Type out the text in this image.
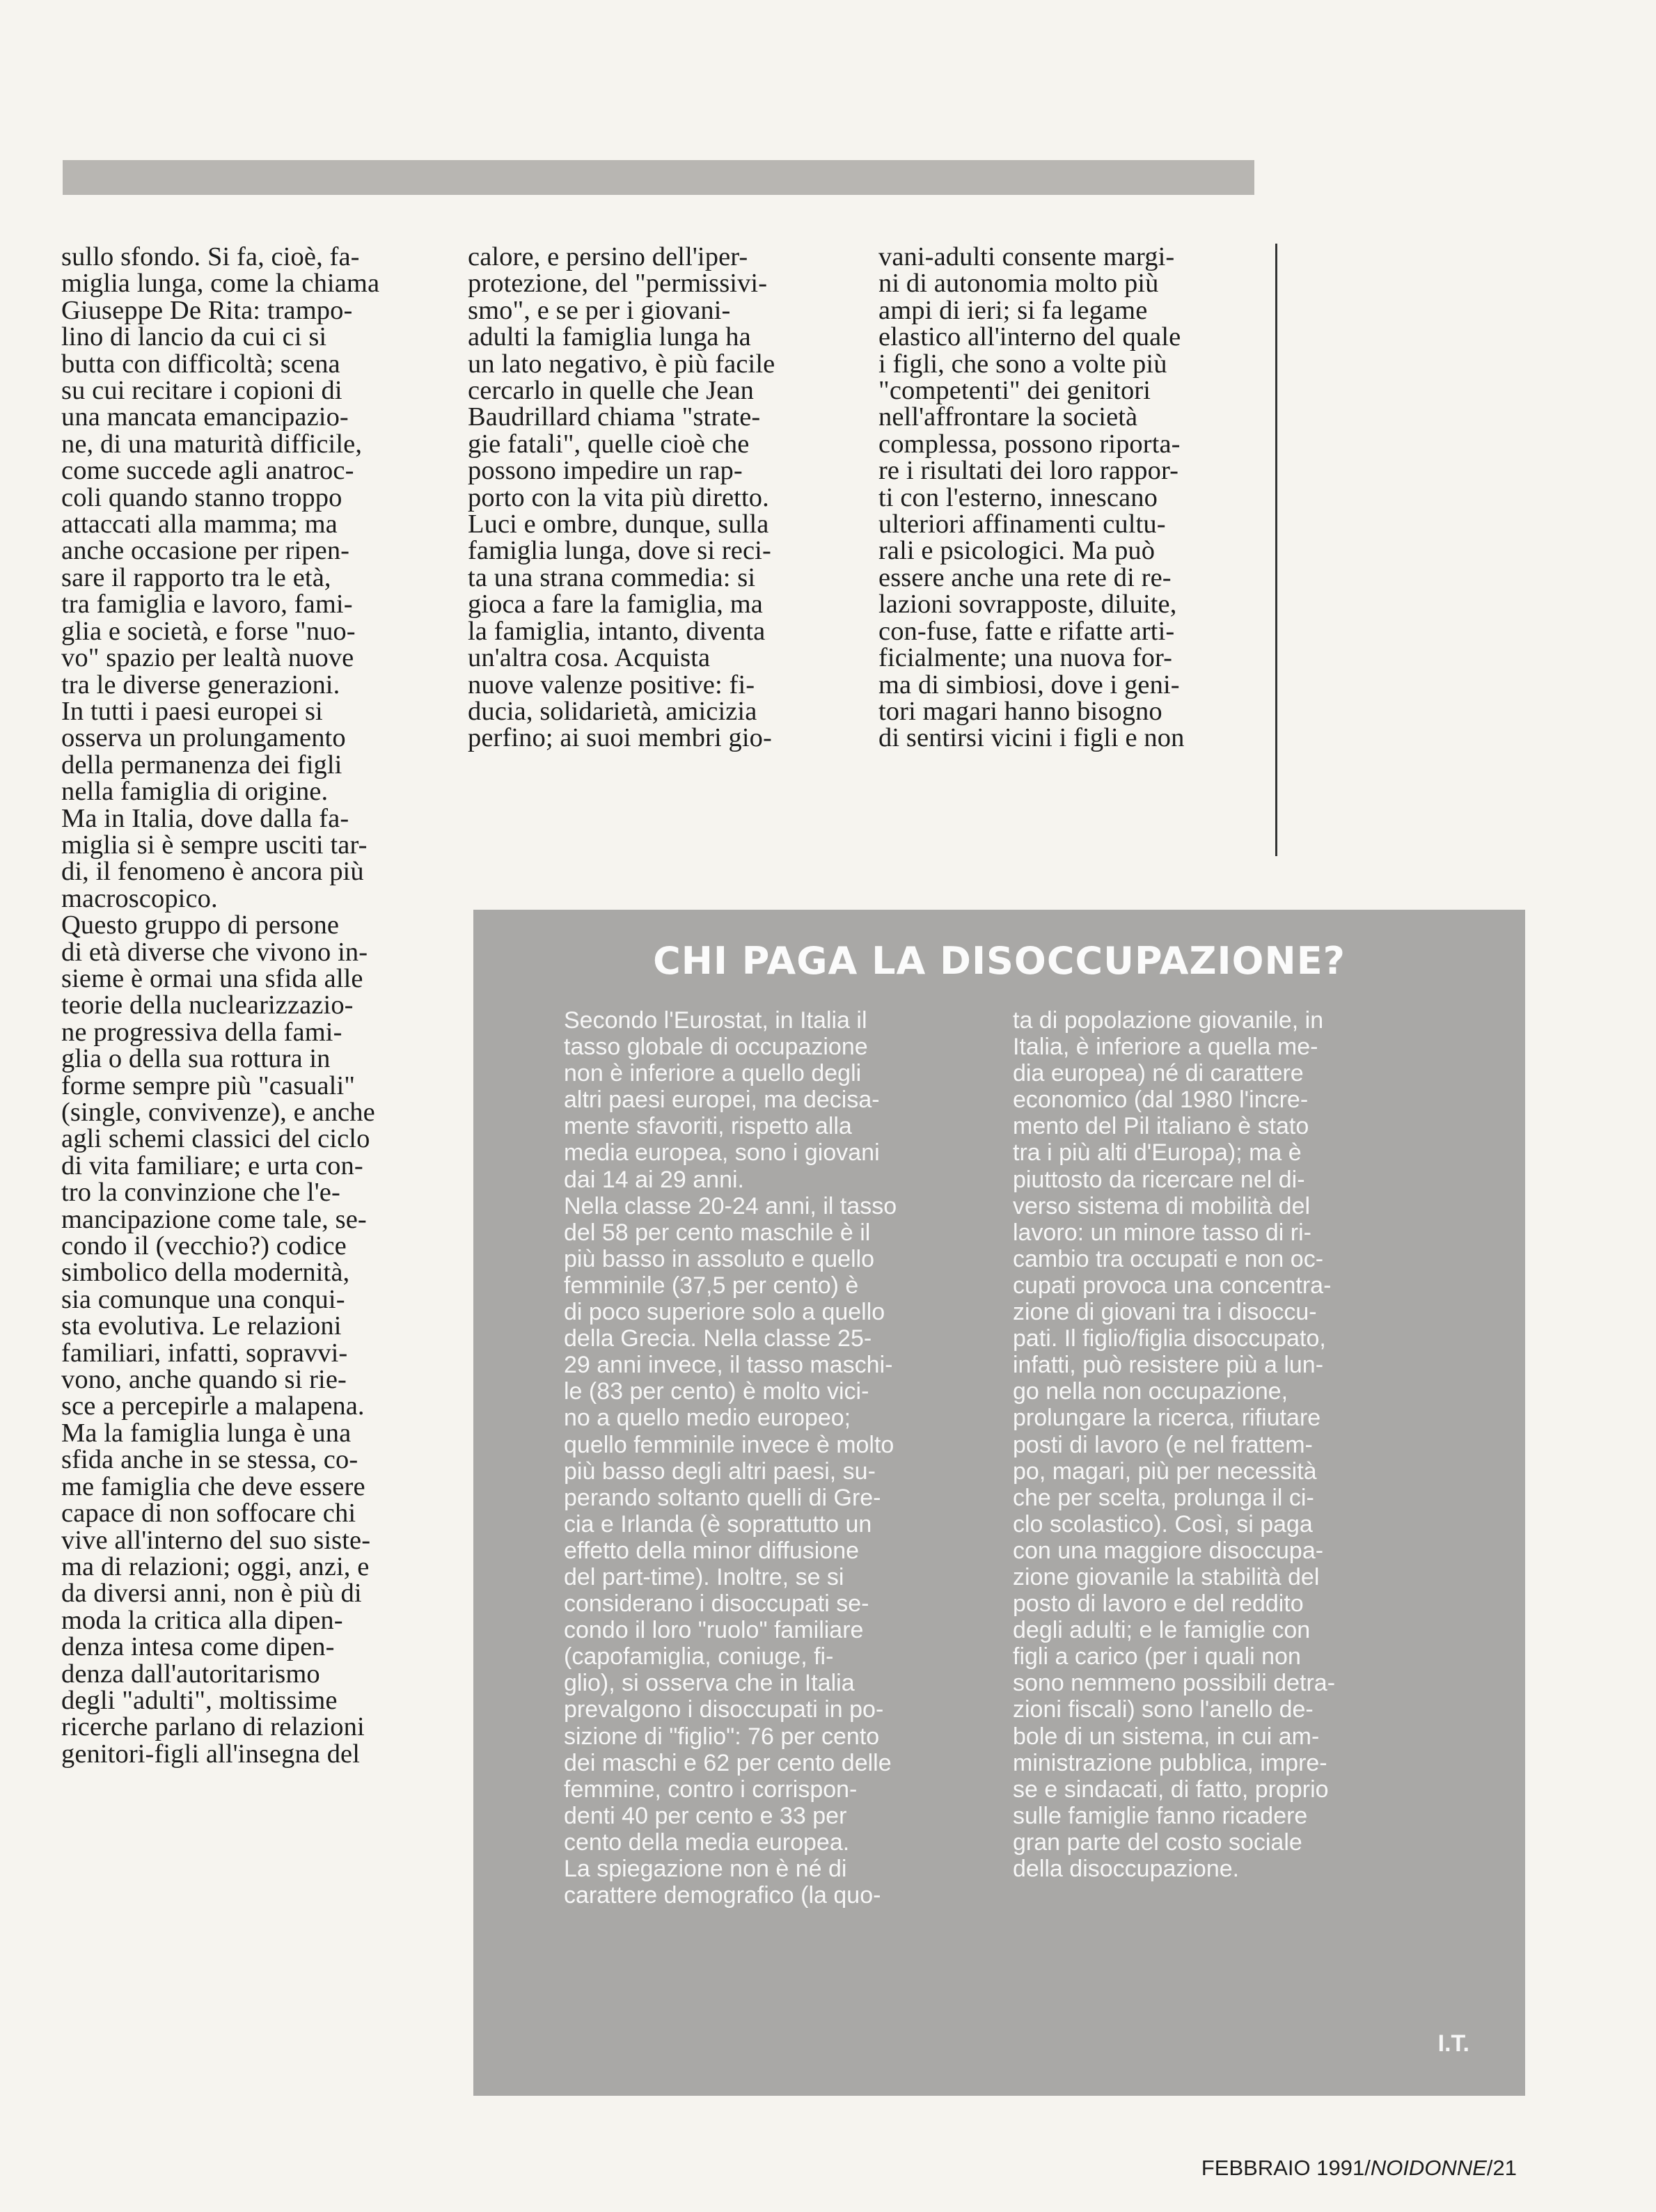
sullo sfondo. Si fa, cioè, fa-
miglia lunga, come la chiama
Giuseppe De Rita: trampo-
lino di lancio da cui ci si
butta con difficoltà; scena
su cui recitare i copioni di
una mancata emancipazio-
ne, di una maturità difficile,
come succede agli anatroc-
coli quando stanno troppo
attaccati alla mamma; ma
anche occasione per ripen-
sare il rapporto tra le età,
tra famiglia e lavoro, fami-
glia e società, e forse "nuo-
vo" spazio per lealtà nuove
tra le diverse generazioni.
In tutti i paesi europei si
osserva un prolungamento
della permanenza dei figli
nella famiglia di origine.
Ma in Italia, dove dalla fa-
miglia si è sempre usciti tar-
di, il fenomeno è ancora più
macroscopico.
Questo gruppo di persone
di età diverse che vivono in-
sieme è ormai una sfida alle
teorie della nuclearizzazio-
ne progressiva della fami-
glia o della sua rottura in
forme sempre più "casuali"
(single, convivenze), e anche
agli schemi classici del ciclo
di vita familiare; e urta con-
tro la convinzione che l'e-
mancipazione come tale, se-
condo il (vecchio?) codice
simbolico della modernità,
sia comunque una conqui-
sta evolutiva. Le relazioni
familiari, infatti, sopravvi-
vono, anche quando si rie-
sce a percepirle a malapena.
Ma la famiglia lunga è una
sfida anche in se stessa, co-
me famiglia che deve essere
capace di non soffocare chi
vive all'interno del suo siste-
ma di relazioni; oggi, anzi, e
da diversi anni, non è più di
moda la critica alla dipen-
denza intesa come dipen-
denza dall'autoritarismo
degli "adulti", moltissime
ricerche parlano di relazioni
genitori-figli all'insegna del
calore, e persino dell'iper-
protezione, del "permissivi-
smo", e se per i giovani-
adulti la famiglia lunga ha
un lato negativo, è più facile
cercarlo in quelle che Jean
Baudrillard chiama "strate-
gie fatali", quelle cioè che
possono impedire un rap-
porto con la vita più diretto.
Luci e ombre, dunque, sulla
famiglia lunga, dove si reci-
ta una strana commedia: si
gioca a fare la famiglia, ma
la famiglia, intanto, diventa
un'altra cosa. Acquista
nuove valenze positive: fi-
ducia, solidarietà, amicizia
perfino; ai suoi membri gio-
vani-adulti consente margi-
ni di autonomia molto più
ampi di ieri; si fa legame
elastico all'interno del quale
i figli, che sono a volte più
"competenti" dei genitori
nell'affrontare la società
complessa, possono riporta-
re i risultati dei loro rappor-
ti con l'esterno, innescano
ulteriori affinamenti cultu-
rali e psicologici. Ma può
essere anche una rete di re-
lazioni sovrapposte, diluite,
con-fuse, fatte e rifatte arti-
ficialmente; una nuova for-
ma di simbiosi, dove i geni-
tori magari hanno bisogno
di sentirsi vicini i figli e non
CHI PAGA LA DISOCCUPAZIONE?
Secondo l'Eurostat, in Italia il
tasso globale di occupazione
non è inferiore a quello degli
altri paesi europei, ma decisa-
mente sfavoriti, rispetto alla
media europea, sono i giovani
dai 14 ai 29 anni.
Nella classe 20-24 anni, il tasso
del 58 per cento maschile è il
più basso in assoluto e quello
femminile (37,5 per cento) è
di poco superiore solo a quello
della Grecia. Nella classe 25-
29 anni invece, il tasso maschi-
le (83 per cento) è molto vici-
no a quello medio europeo;
quello femminile invece è molto
più basso degli altri paesi, su-
perando soltanto quelli di Gre-
cia e Irlanda (è soprattutto un
effetto della minor diffusione
del part-time). Inoltre, se si
considerano i disoccupati se-
condo il loro "ruolo" familiare
(capofamiglia, coniuge, fi-
glio), si osserva che in Italia
prevalgono i disoccupati in po-
sizione di "figlio": 76 per cento
dei maschi e 62 per cento delle
femmine, contro i corrispon-
denti 40 per cento e 33 per
cento della media europea.
La spiegazione non è né di
carattere demografico (la quo-
ta di popolazione giovanile, in
Italia, è inferiore a quella me-
dia europea) né di carattere
economico (dal 1980 l'incre-
mento del Pil italiano è stato
tra i più alti d'Europa); ma è
piuttosto da ricercare nel di-
verso sistema di mobilità del
lavoro: un minore tasso di ri-
cambio tra occupati e non oc-
cupati provoca una concentra-
zione di giovani tra i disoccu-
pati. Il figlio/figlia disoccupato,
infatti, può resistere più a lun-
go nella non occupazione,
prolungare la ricerca, rifiutare
posti di lavoro (e nel frattem-
po, magari, più per necessità
che per scelta, prolunga il ci-
clo scolastico). Così, si paga
con una maggiore disoccupa-
zione giovanile la stabilità del
posto di lavoro e del reddito
degli adulti; e le famiglie con
figli a carico (per i quali non
sono nemmeno possibili detra-
zioni fiscali) sono l'anello de-
bole di un sistema, in cui am-
ministrazione pubblica, impre-
se e sindacati, di fatto, proprio
sulle famiglie fanno ricadere
gran parte del costo sociale
della disoccupazione.
I.T.
FEBBRAIO 1991/NOIDONNE/21
